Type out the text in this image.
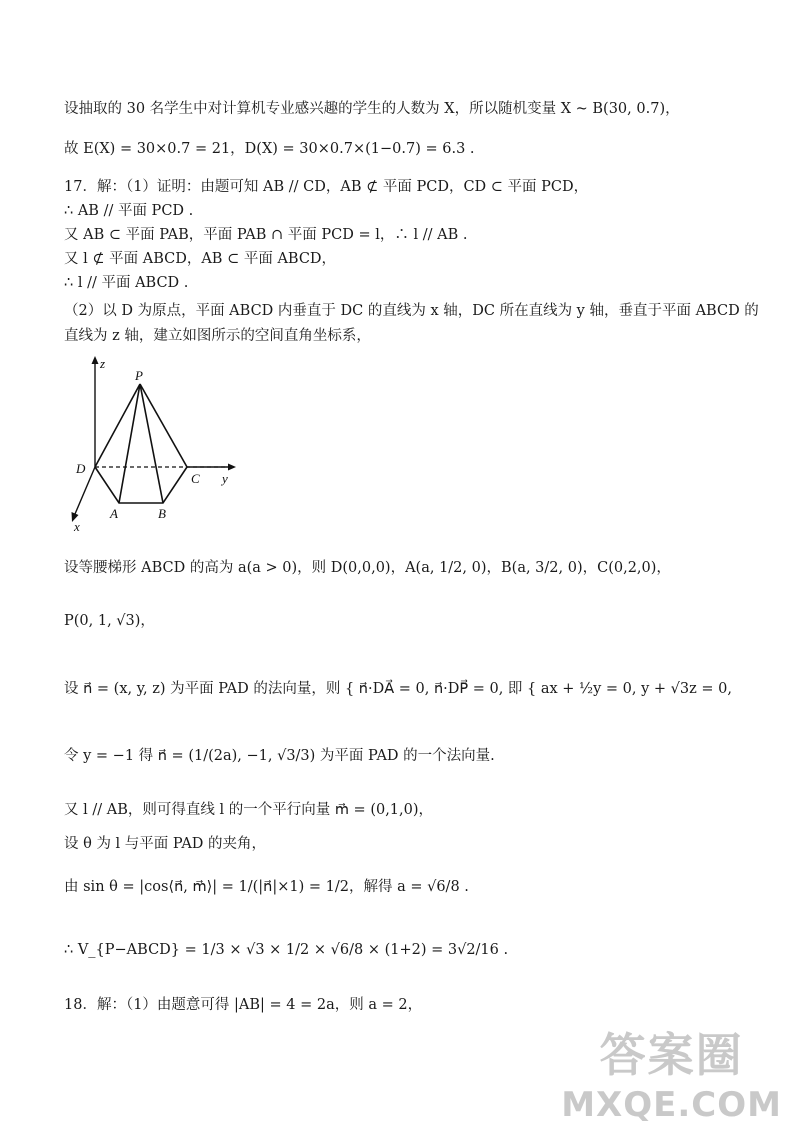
设抽取的 30 名学生中对计算机专业感兴趣的学生的人数为 X，所以随机变量 X ~ B(30, 0.7)，
故 E(X) = 30×0.7 = 21，D(X) = 30×0.7×(1−0.7) = 6.3 .
17．解：（1）证明：由题可知 AB // CD，AB ⊄ 平面 PCD，CD ⊂ 平面 PCD，
∴ AB // 平面 PCD .
又 AB ⊂ 平面 PAB，平面 PAB ∩ 平面 PCD = l，∴ l // AB .
又 l ⊄ 平面 ABCD，AB ⊂ 平面 ABCD，
∴ l // 平面 ABCD .
（2）以 D 为原点，平面 ABCD 内垂直于 DC 的直线为 x 轴，DC 所在直线为 y 轴，垂直于平面 ABCD 的
直线为 z 轴，建立如图所示的空间直角坐标系，
z
P
D
C y
A	B
x
设等腰梯形 ABCD 的高为 a(a > 0)，则 D(0,0,0)，A(a, 1/2, 0)，B(a, 3/2, 0)，C(0,2,0)，
P(0, 1, √3)，
设 n⃗ = (x, y, z) 为平面 PAD 的法向量，则 { n⃗·DA⃗ = 0, n⃗·DP⃗ = 0, 即 { ax + ½y = 0, y + √3z = 0,
令 y = −1 得 n⃗ = (1/(2a), −1, √3/3) 为平面 PAD 的一个法向量.
又 l // AB，则可得直线 l 的一个平行向量 m⃗ = (0,1,0)，
设 θ 为 l 与平面 PAD 的夹角，
由 sin θ = |cos⟨n⃗, m⃗⟩| = 1/(|n⃗|×1) = 1/2，解得 a = √6/8 .
∴ V_{P−ABCD} = 1/3 × √3 × 1/2 × √6/8 × (1+2) = 3√2/16 .
18．解：（1）由题意可得 |AB| = 4 = 2a，则 a = 2，
答案圈
MXQE.COM
